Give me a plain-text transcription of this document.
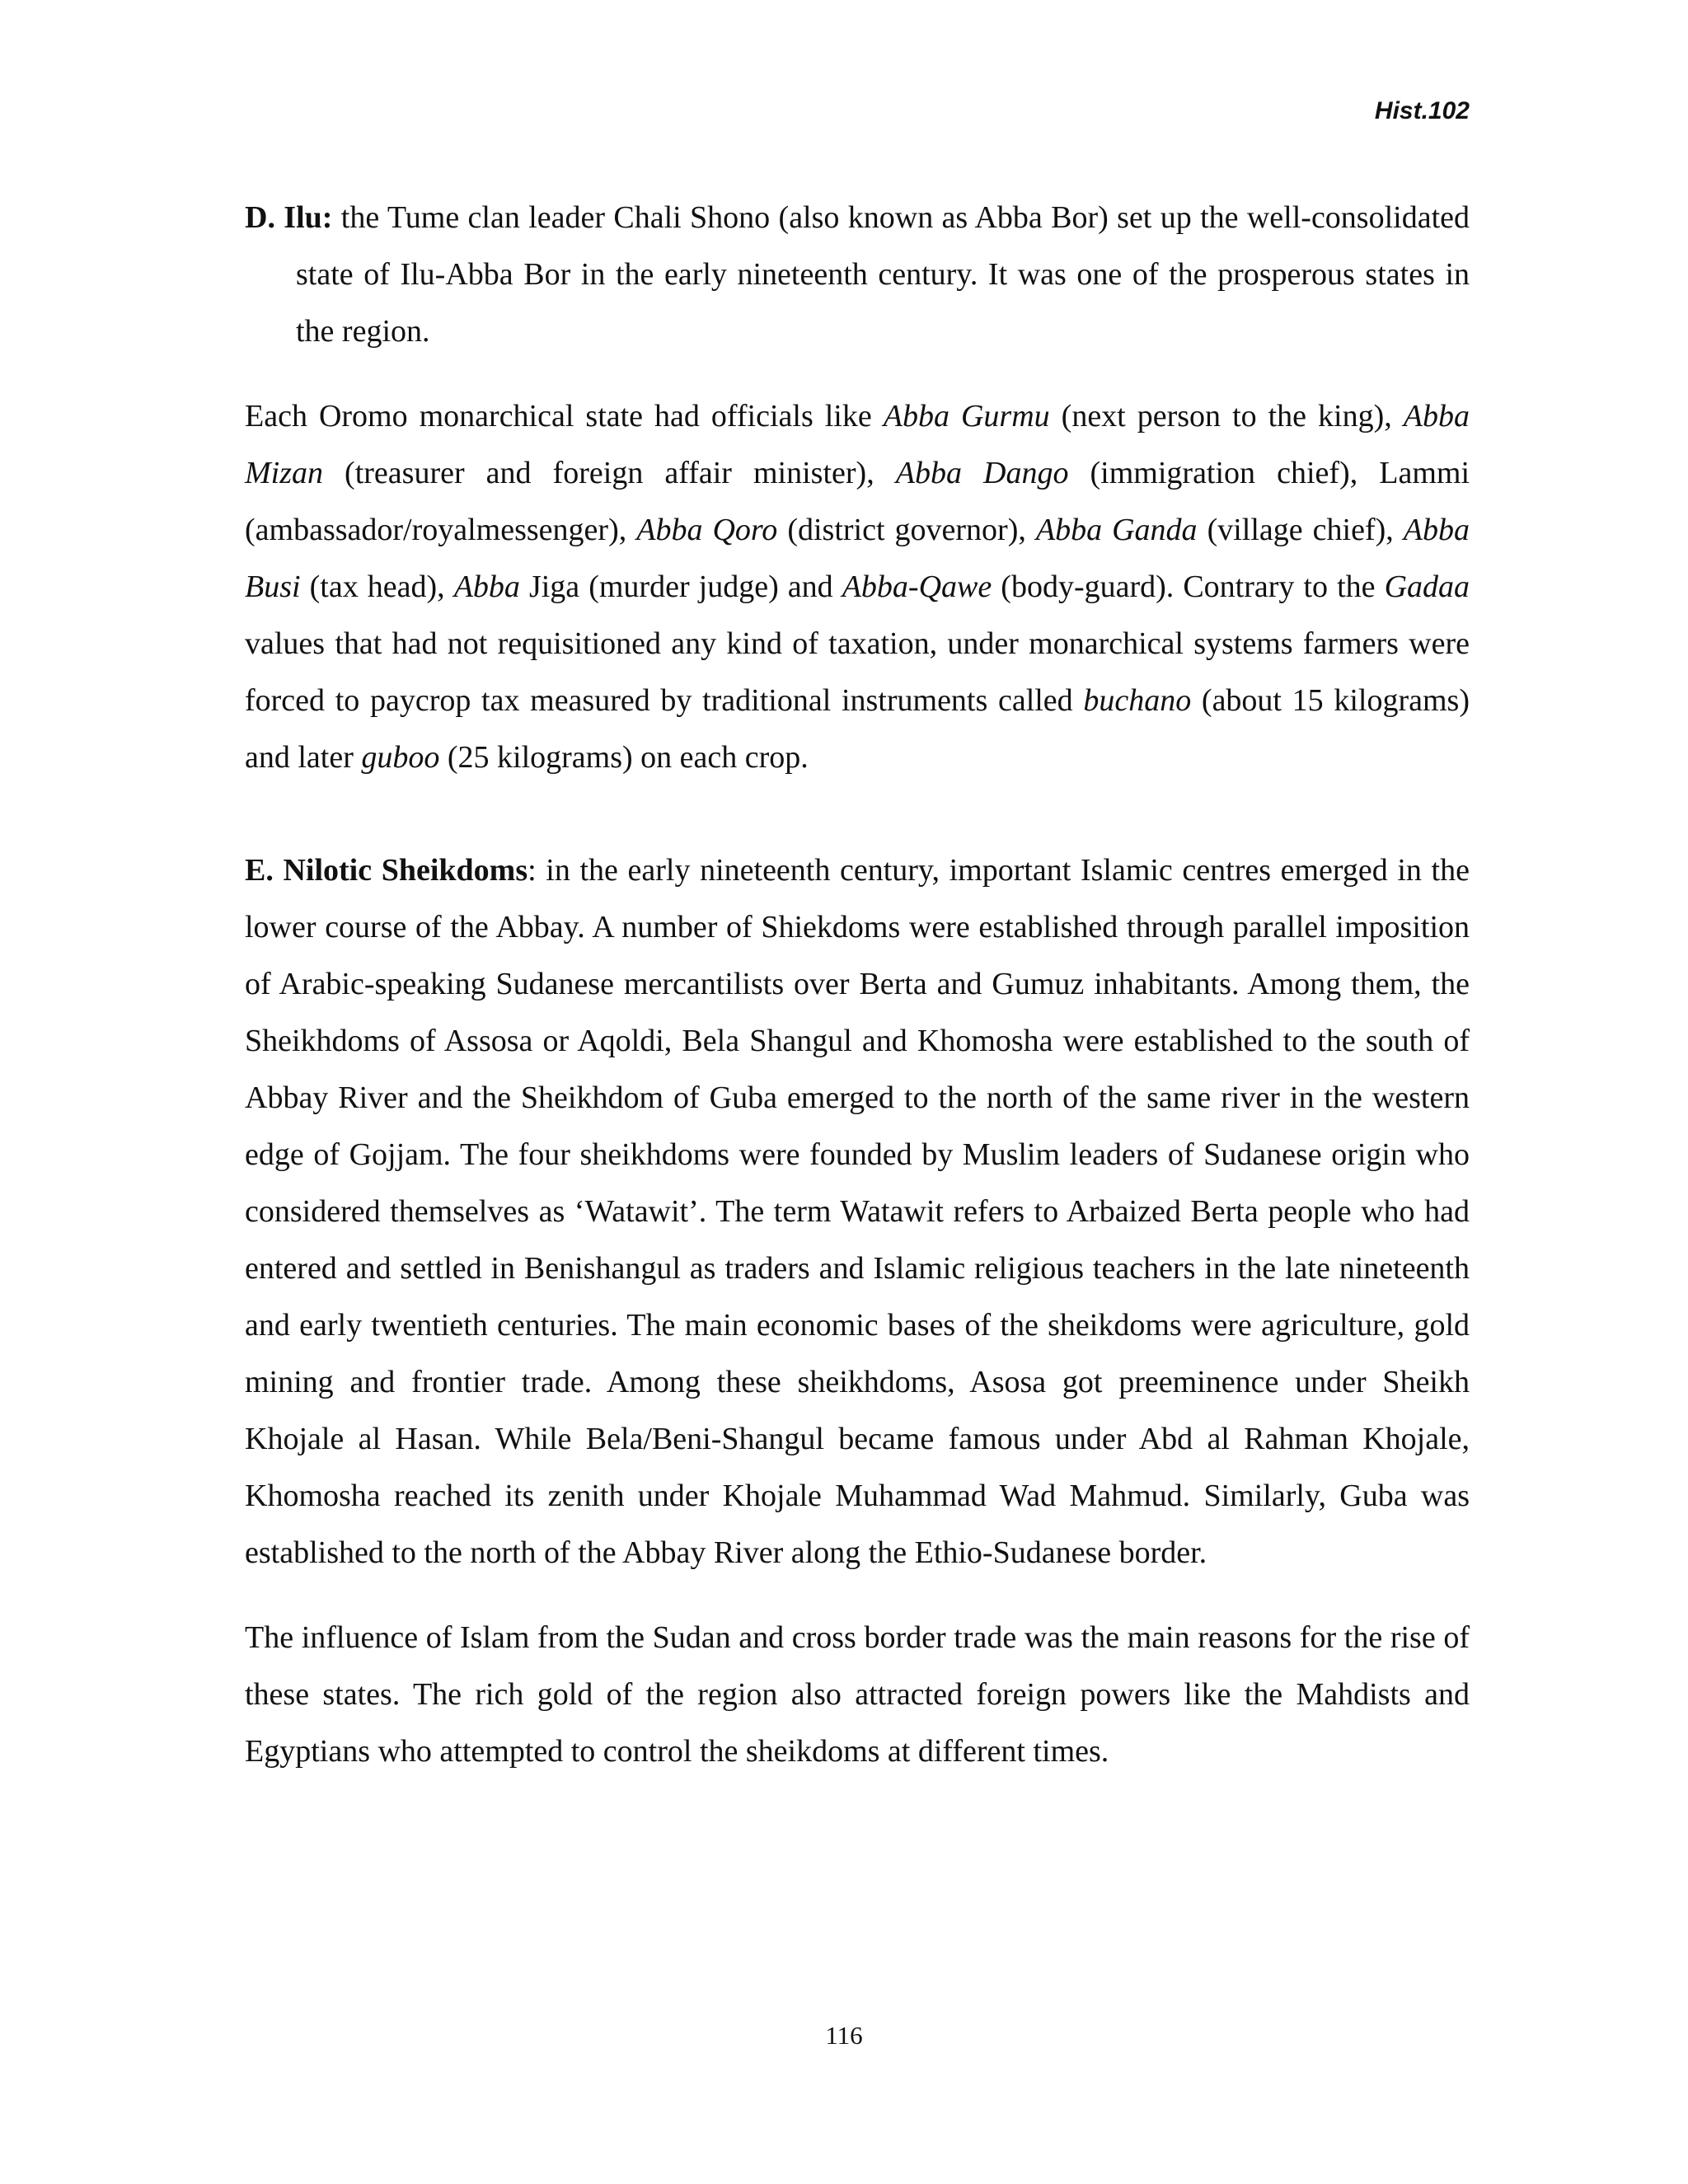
Hist.102

D. Ilu: the Tume clan leader Chali Shono (also known as Abba Bor) set up the well-consolidated state of Ilu-Abba Bor in the early nineteenth century. It was one of the prosperous states in the region.

Each Oromo monarchical state had officials like Abba Gurmu (next person to the king), Abba Mizan (treasurer and foreign affair minister), Abba Dango (immigration chief), Lammi (ambassador/royalmessenger), Abba Qoro (district governor), Abba Ganda (village chief), Abba Busi (tax head), Abba Jiga (murder judge) and Abba-Qawe (body-guard). Contrary to the Gadaa values that had not requisitioned any kind of taxation, under monarchical systems farmers were forced to paycrop tax measured by traditional instruments called buchano (about 15 kilograms) and later guboo (25 kilograms) on each crop.

E. Nilotic Sheikdoms: in the early nineteenth century, important Islamic centres emerged in the lower course of the Abbay. A number of Shiekdoms were established through parallel imposition of Arabic-speaking Sudanese mercantilists over Berta and Gumuz inhabitants. Among them, the Sheikhdoms of Assosa or Aqoldi, Bela Shangul and Khomosha were established to the south of Abbay River and the Sheikhdom of Guba emerged to the north of the same river in the western edge of Gojjam. The four sheikhdoms were founded by Muslim leaders of Sudanese origin who considered themselves as ‘Watawit’. The term Watawit refers to Arbaized Berta people who had entered and settled in Benishangul as traders and Islamic religious teachers in the late nineteenth and early twentieth centuries. The main economic bases of the sheikdoms were agriculture, gold mining and frontier trade. Among these sheikhdoms, Asosa got preeminence under Sheikh Khojale al Hasan. While Bela/Beni-Shangul became famous under Abd al Rahman Khojale, Khomosha reached its zenith under Khojale Muhammad Wad Mahmud. Similarly, Guba was established to the north of the Abbay River along the Ethio-Sudanese border.

The influence of Islam from the Sudan and cross border trade was the main reasons for the rise of these states. The rich gold of the region also attracted foreign powers like the Mahdists and Egyptians who attempted to control the sheikdoms at different times.

116
